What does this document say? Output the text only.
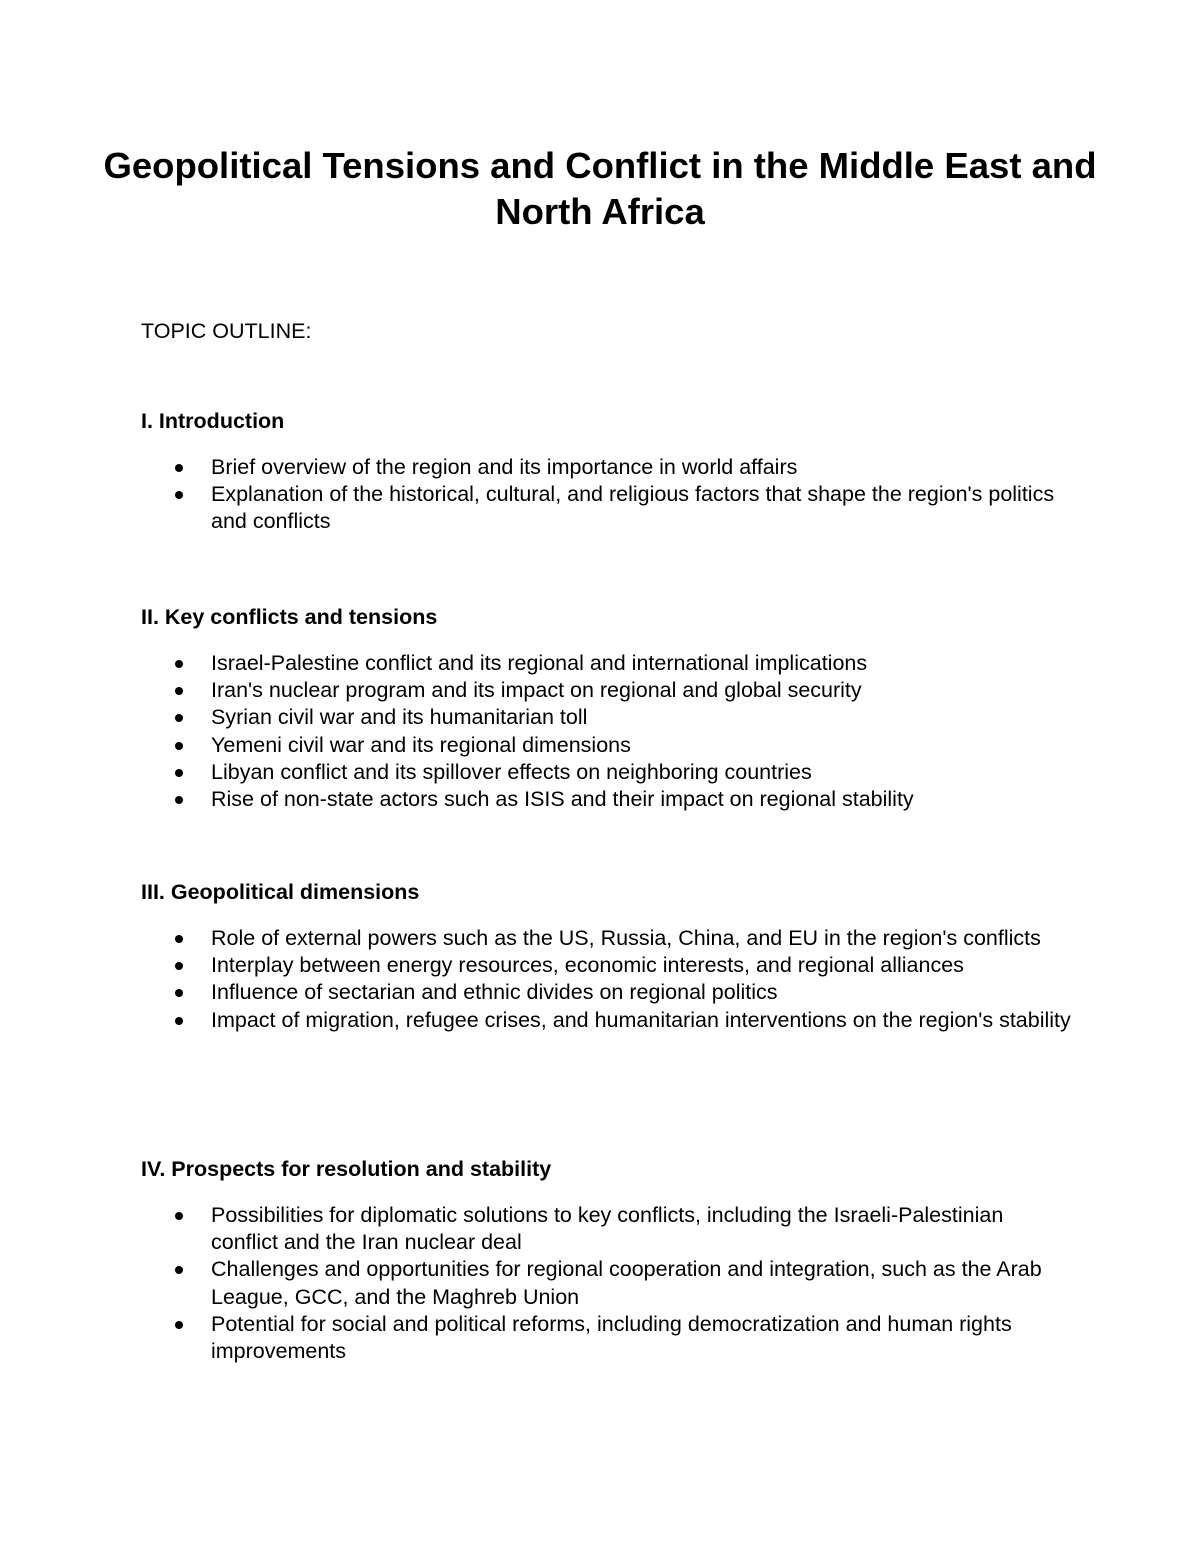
Geopolitical Tensions and Conflict in the Middle East and North Africa

TOPIC OUTLINE:

I. Introduction
Brief overview of the region and its importance in world affairs
Explanation of the historical, cultural, and religious factors that shape the region's politics and conflicts
II. Key conflicts and tensions
Israel-Palestine conflict and its regional and international implications
Iran's nuclear program and its impact on regional and global security
Syrian civil war and its humanitarian toll
Yemeni civil war and its regional dimensions
Libyan conflict and its spillover effects on neighboring countries
Rise of non-state actors such as ISIS and their impact on regional stability
III. Geopolitical dimensions
Role of external powers such as the US, Russia, China, and EU in the region's conflicts
Interplay between energy resources, economic interests, and regional alliances
Influence of sectarian and ethnic divides on regional politics
Impact of migration, refugee crises, and humanitarian interventions on the region's stability
IV. Prospects for resolution and stability
Possibilities for diplomatic solutions to key conflicts, including the Israeli-Palestinian conflict and the Iran nuclear deal
Challenges and opportunities for regional cooperation and integration, such as the Arab League, GCC, and the Maghreb Union
Potential for social and political reforms, including democratization and human rights improvements
